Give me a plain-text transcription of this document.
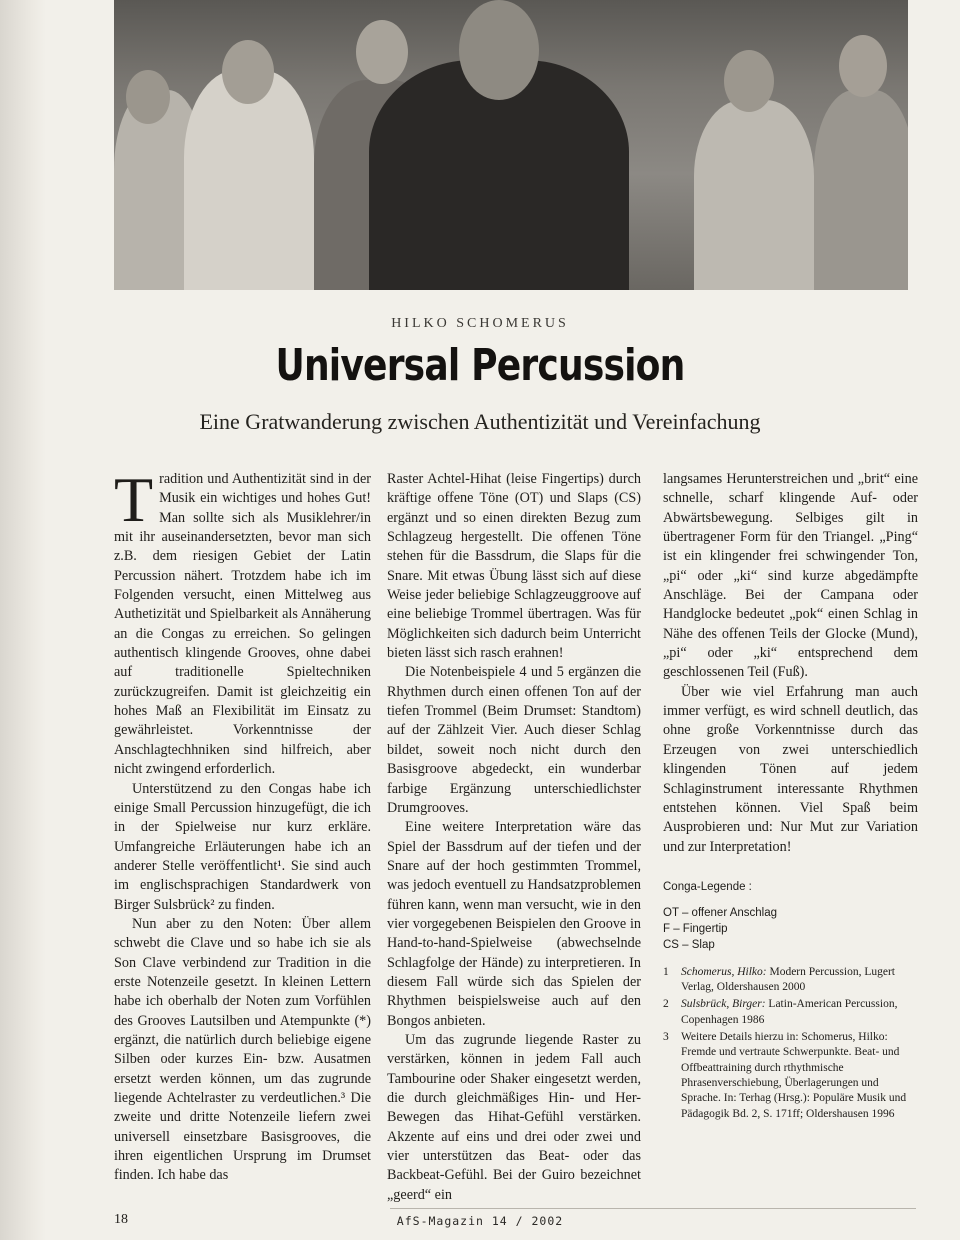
HILKO SCHOMERUS
Universal Percussion
Eine Gratwanderung zwischen Authentizität und Vereinfachung

Tradition und Authentizität sind in der Musik ein wichtiges und hohes Gut! Man sollte sich als Musiklehrer/in mit ihr auseinandersetzten, bevor man sich z.B. dem riesigen Gebiet der Latin Percussion nähert. Trotzdem habe ich im Folgenden versucht, einen Mittelweg aus Authetizität und Spielbarkeit als Annäherung an die Congas zu erreichen. So gelingen authentisch klingende Grooves, ohne dabei auf traditionelle Spieltechniken zurückzugreifen. Damit ist gleichzeitig ein hohes Maß an Flexibilität im Einsatz zu gewährleistet. Vorkenntnisse der Anschlagtechhniken sind hilfreich, aber nicht zwingend erforderlich.

Unterstützend zu den Congas habe ich einige Small Percussion hinzugefügt, die ich in der Spielweise nur kurz erkläre. Umfangreiche Erläuterungen habe ich an anderer Stelle veröffentlicht¹. Sie sind auch im englischsprachigen Standardwerk von Birger Sulsbrück² zu finden.

Nun aber zu den Noten: Über allem schwebt die Clave und so habe ich sie als Son Clave verbindend zur Tradition in die erste Notenzeile gesetzt. In kleinen Lettern habe ich oberhalb der Noten zum Vorfühlen des Grooves Lautsilben und Atempunkte (*) ergänzt, die natürlich durch beliebige eigene Silben oder kurzes Ein- bzw. Ausatmen ersetzt werden können, um das zugrunde liegende Achtelraster zu verdeutlichen.³ Die zweite und dritte Notenzeile liefern zwei universell einsetzbare Basisgrooves, die ihren eigentlichen Ursprung im Drumset finden. Ich habe das

Raster Achtel-Hihat (leise Fingertips) durch kräftige offene Töne (OT) und Slaps (CS) ergänzt und so einen direkten Bezug zum Schlagzeug hergestellt. Die offenen Töne stehen für die Bassdrum, die Slaps für die Snare. Mit etwas Übung lässt sich auf diese Weise jeder beliebige Schlagzeuggroove auf eine beliebige Trommel übertragen. Was für Möglichkeiten sich dadurch beim Unterricht bieten lässt sich rasch erahnen!

Die Notenbeispiele 4 und 5 ergänzen die Rhythmen durch einen offenen Ton auf der tiefen Trommel (Beim Drumset: Standtom) auf der Zählzeit Vier. Auch dieser Schlag bildet, soweit noch nicht durch den Basisgroove abgedeckt, ein wunderbar farbige Ergänzung unterschiedlichster Drumgrooves.

Eine weitere Interpretation wäre das Spiel der Bassdrum auf der tiefen und der Snare auf der hoch gestimmten Trommel, was jedoch eventuell zu Handsatzproblemen führen kann, wenn man versucht, wie in den vier vorgegebenen Beispielen den Groove in Hand-to-hand-Spielweise (abwechselnde Schlagfolge der Hände) zu interpretieren. In diesem Fall würde sich das Spielen der Rhythmen beispielsweise auch auf den Bongos anbieten.

Um das zugrunde liegende Raster zu verstärken, können in jedem Fall auch Tambourine oder Shaker eingesetzt werden, die durch gleichmäßiges Hin- und Her-Bewegen das Hihat-Gefühl verstärken. Akzente auf eins und drei oder zwei und vier unterstützen das Beat- oder das Backbeat-Gefühl. Bei der Guiro bezeichnet „geerd“ ein

langsames Herunterstreichen und „brit“ eine schnelle, scharf klingende Auf- oder Abwärtsbewegung. Selbiges gilt in übertragener Form für den Triangel. „Ping“ ist ein klingender frei schwingender Ton, „pi“ oder „ki“ sind kurze abgedämpfte Anschläge. Bei der Campana oder Handglocke bedeutet „pok“ einen Schlag in Nähe des offenen Teils der Glocke (Mund), „pi“ oder „ki“ entsprechend dem geschlossenen Teil (Fuß).

Über wie viel Erfahrung man auch immer verfügt, es wird schnell deutlich, das ohne große Vorkenntnisse durch das Erzeugen von zwei unterschiedlich klingenden Tönen auf jedem Schlaginstrument interessante Rhythmen entstehen können. Viel Spaß beim Ausprobieren und: Nur Mut zur Variation und zur Interpretation!

Conga-Legende :
OT – offener Anschlag
F – Fingertip
CS – Slap
1	Schomerus, Hilko: Modern Percussion, Lugert Verlag, Oldershausen 2000
2	Sulsbrück, Birger: Latin-American Percussion, Copenhagen 1986
3	Weitere Details hierzu in: Schomerus, Hilko: Fremde und vertraute Schwerpunkte. Beat- und Offbeattraining durch rthythmische Phrasenverschiebung, Überlagerungen und Sprache. In: Terhag (Hrsg.): Populäre Musik und Pädagogik Bd. 2, S. 171ff; Oldershausen 1996
18	AfS-Magazin 14 / 2002
